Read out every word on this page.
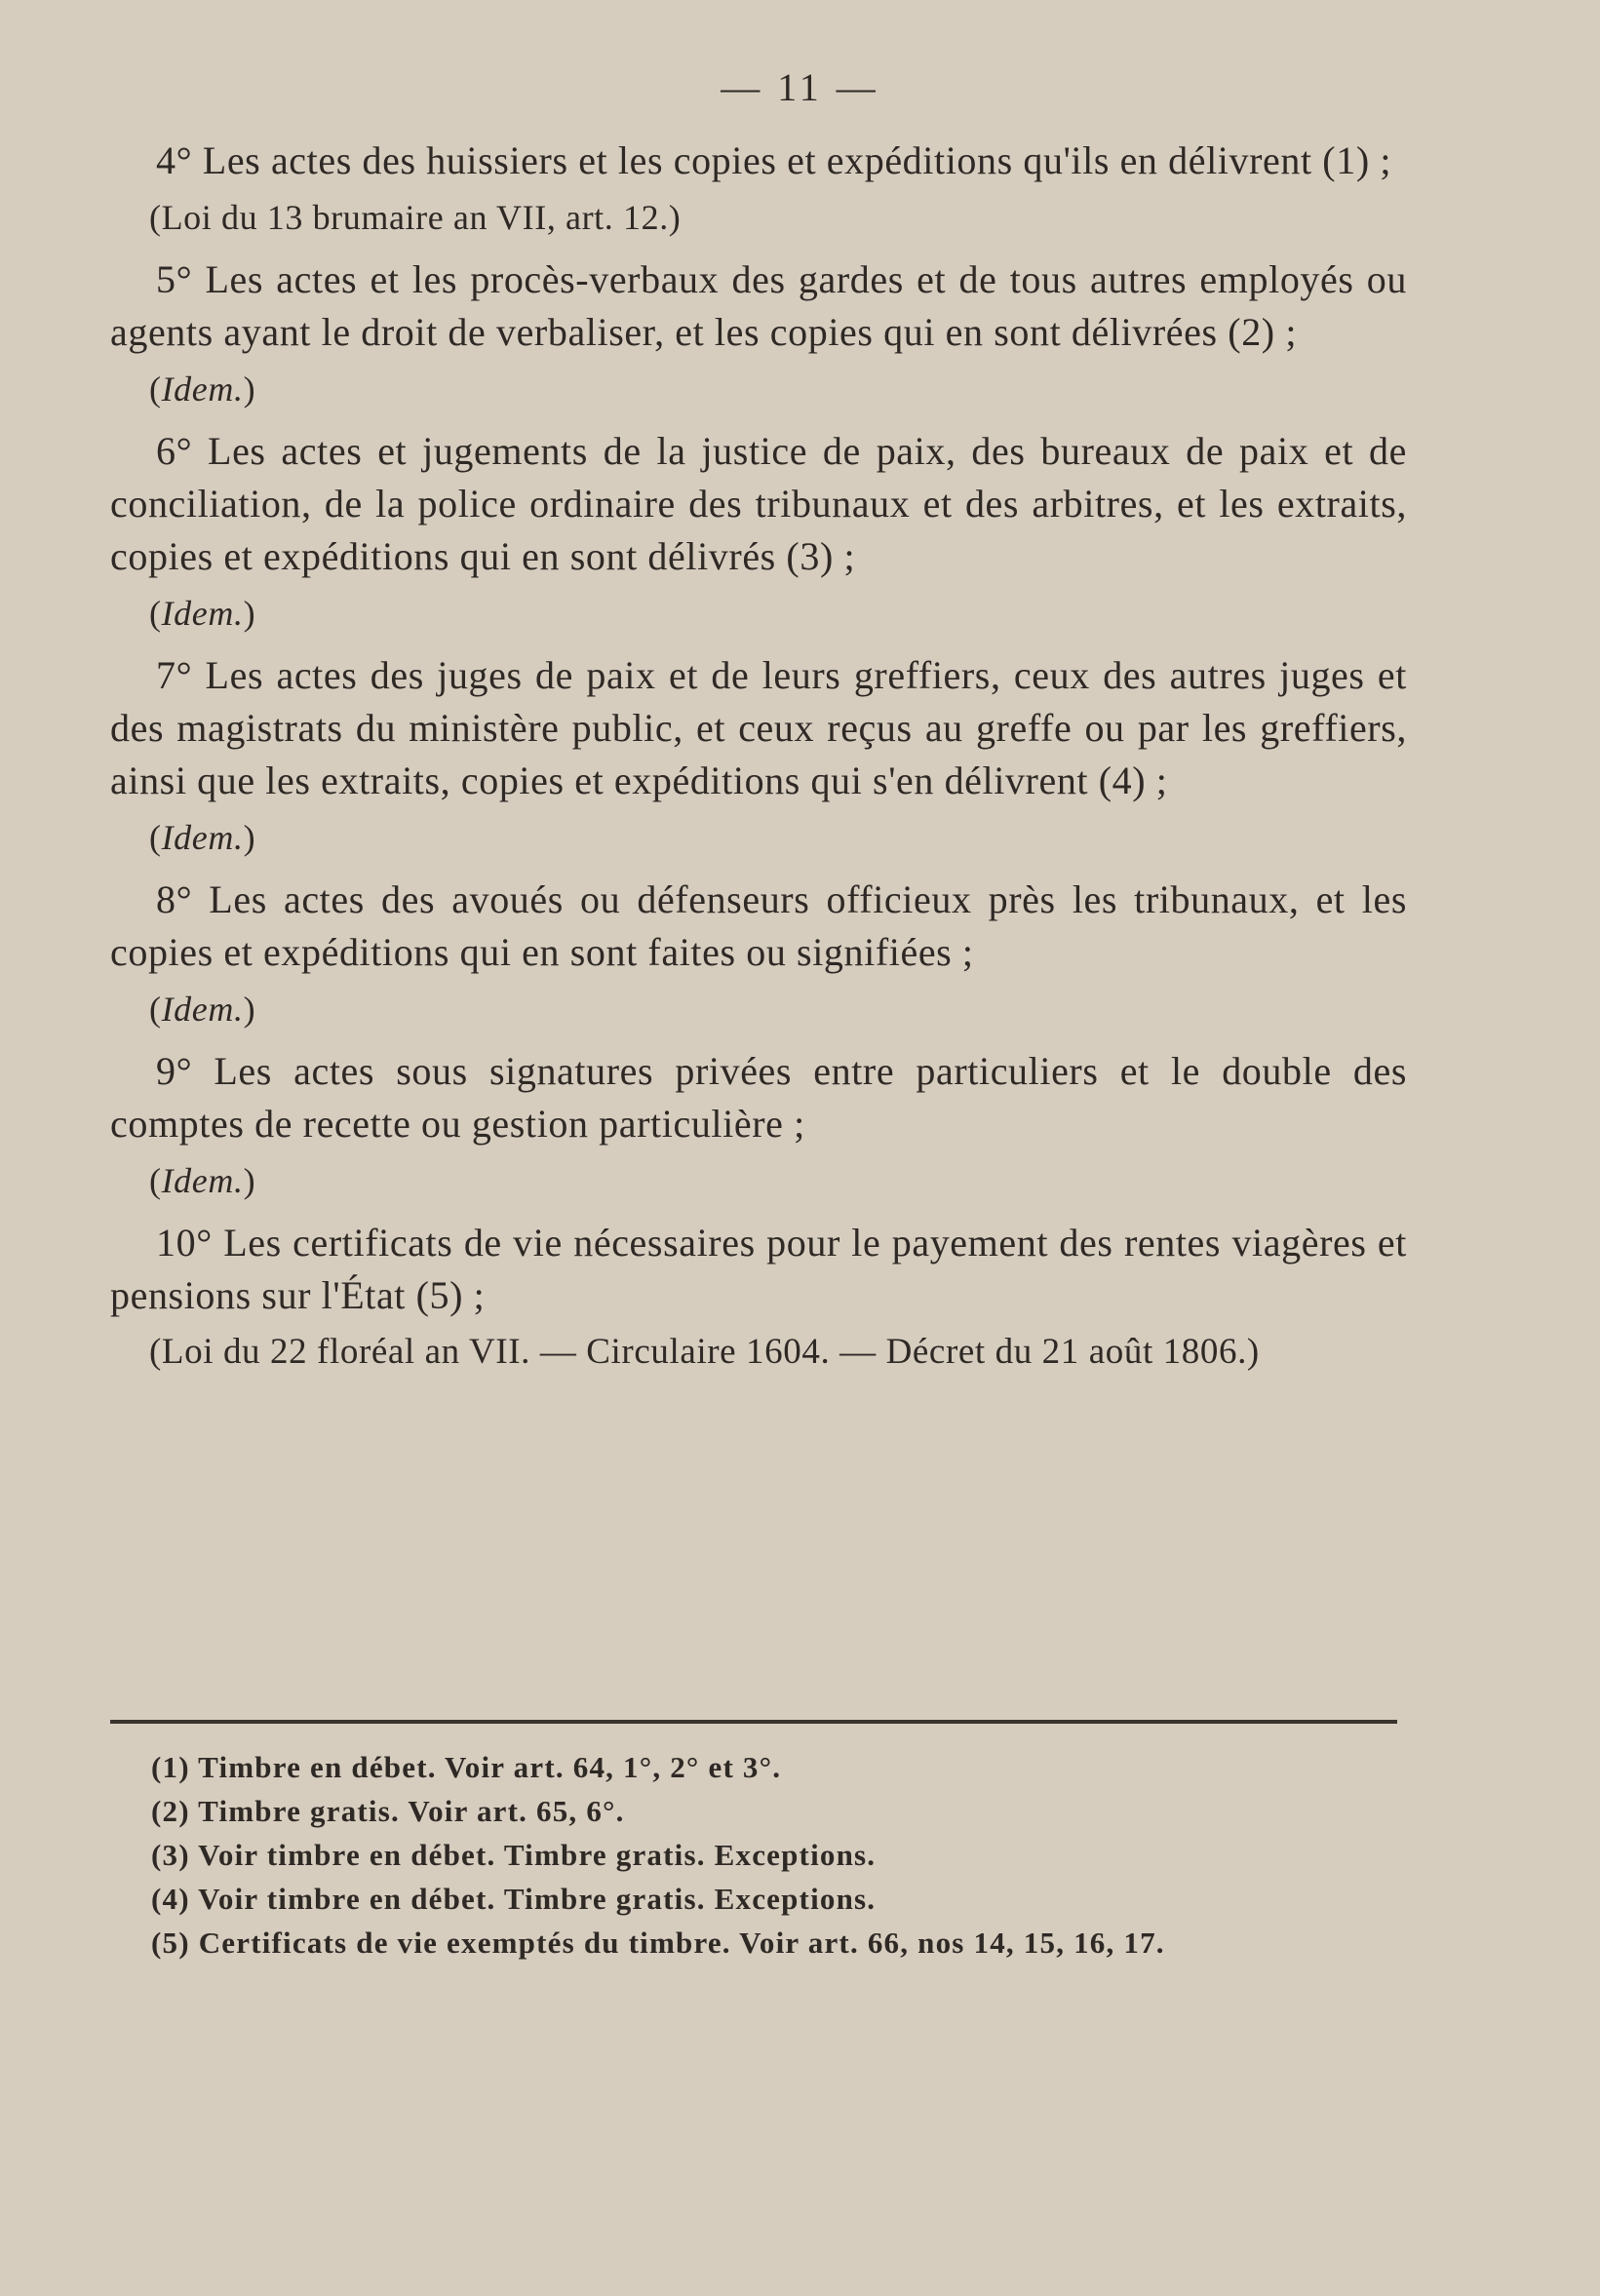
— 11 —

4° Les actes des huissiers et les copies et expéditions qu'ils en délivrent (1) ;

(Loi du 13 brumaire an VII, art. 12.)

5° Les actes et les procès-verbaux des gardes et de tous autres employés ou agents ayant le droit de verbaliser, et les copies qui en sont délivrées (2) ;

(Idem.)

6° Les actes et jugements de la justice de paix, des bureaux de paix et de conciliation, de la police ordinaire des tribunaux et des arbitres, et les extraits, copies et expéditions qui en sont délivrés (3) ;

(Idem.)

7° Les actes des juges de paix et de leurs greffiers, ceux des autres juges et des magistrats du ministère public, et ceux reçus au greffe ou par les greffiers, ainsi que les extraits, copies et expéditions qui s'en délivrent (4) ;

(Idem.)

8° Les actes des avoués ou défenseurs officieux près les tribunaux, et les copies et expéditions qui en sont faites ou signifiées ;

(Idem.)

9° Les actes sous signatures privées entre particuliers et le double des comptes de recette ou gestion particulière ;

(Idem.)

10° Les certificats de vie nécessaires pour le payement des rentes viagères et pensions sur l'État (5) ;

(Loi du 22 floréal an VII. — Circulaire 1604. — Décret du 21 août 1806.)

(1) Timbre en débet. Voir art. 64, 1°, 2° et 3°.

(2) Timbre gratis. Voir art. 65, 6°.

(3) Voir timbre en débet. Timbre gratis. Exceptions.

(4) Voir timbre en débet. Timbre gratis. Exceptions.

(5) Certificats de vie exemptés du timbre. Voir art. 66, nos 14, 15, 16, 17.
